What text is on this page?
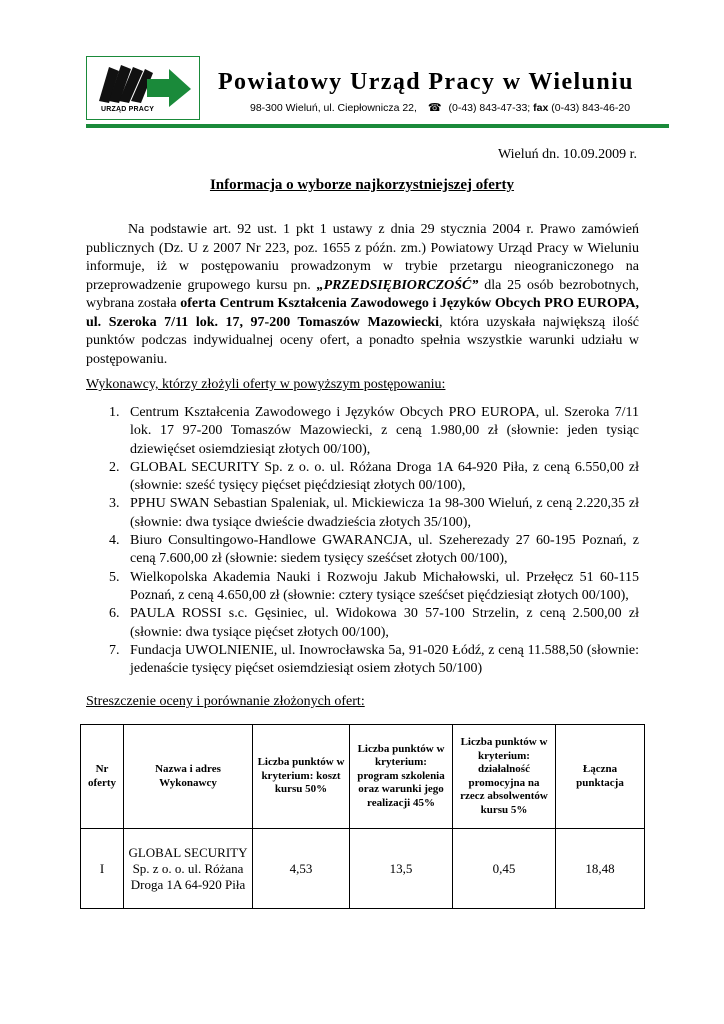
URZĄD PRACY
Powiatowy Urząd Pracy w Wieluniu
98-300 Wieluń, ul. Ciepłownicza 22, ☎ (0-43) 843-47-33; fax (0-43) 843-46-20
Wieluń dn. 10.09.2009 r.
Informacja o wyborze najkorzystniejszej oferty

Na podstawie art. 92 ust. 1 pkt 1 ustawy z dnia 29 stycznia 2004 r. Prawo zamówień publicznych (Dz. U z 2007 Nr 223, poz. 1655 z późn. zm.) Powiatowy Urząd Pracy w Wieluniu informuje, iż w postępowaniu prowadzonym w trybie przetargu nieograniczonego na przeprowadzenie grupowego kursu pn. „PRZEDSIĘBIORCZOŚĆ” dla 25 osób bezrobotnych, wybrana została oferta Centrum Kształcenia Zawodowego i Języków Obcych PRO EUROPA, ul. Szeroka 7/11 lok. 17, 97-200 Tomaszów Mazowiecki, która uzyskała największą ilość punktów podczas indywidualnej oceny ofert, a ponadto spełnia wszystkie warunki udziału w postępowaniu.

Wykonawcy, którzy złożyli oferty w powyższym postępowaniu:
1. Centrum Kształcenia Zawodowego i Języków Obcych PRO EUROPA, ul. Szeroka 7/11 lok. 17 97-200 Tomaszów Mazowiecki, z ceną 1.980,00 zł (słownie: jeden tysiąc dziewięćset osiemdziesiąt złotych 00/100),
2. GLOBAL SECURITY Sp. z o. o. ul. Różana Droga 1A 64-920 Piła, z ceną 6.550,00 zł (słownie: sześć tysięcy pięćset pięćdziesiąt złotych 00/100),
3. PPHU SWAN Sebastian Spaleniak, ul. Mickiewicza 1a 98-300 Wieluń, z ceną 2.220,35 zł (słownie: dwa tysiące dwieście dwadzieścia złotych 35/100),
4. Biuro Consultingowo-Handlowe GWARANCJA, ul. Szeherezady 27 60-195 Poznań, z ceną 7.600,00 zł (słownie: siedem tysięcy sześćset złotych 00/100),
5. Wielkopolska Akademia Nauki i Rozwoju Jakub Michałowski, ul. Przełęcz 51 60-115 Poznań, z ceną 4.650,00 zł (słownie: cztery tysiące sześćset pięćdziesiąt złotych 00/100),
6. PAULA ROSSI s.c. Gęsiniec, ul. Widokowa 30 57-100 Strzelin, z ceną 2.500,00 zł (słownie: dwa tysiące pięćset złotych 00/100),
7. Fundacja UWOLNIENIE, ul. Inowrocławska 5a, 91-020 Łódź, z ceną 11.588,50 (słownie: jedenaście tysięcy pięćset osiemdziesiąt osiem złotych 50/100)
Streszczenie oceny i porównanie złożonych ofert:
Nr oferty	Nazwa i adres Wykonawcy	Liczba punktów w kryterium: koszt kursu 50%	Liczba punktów w kryterium: program szkolenia oraz warunki jego realizacji 45%	Liczba punktów w kryterium: działalność promocyjna na rzecz absolwentów kursu 5%	Łączna punktacja
I	GLOBAL SECURITY Sp. z o. o. ul. Różana Droga 1A 64-920 Piła	4,53	13,5	0,45	18,48
